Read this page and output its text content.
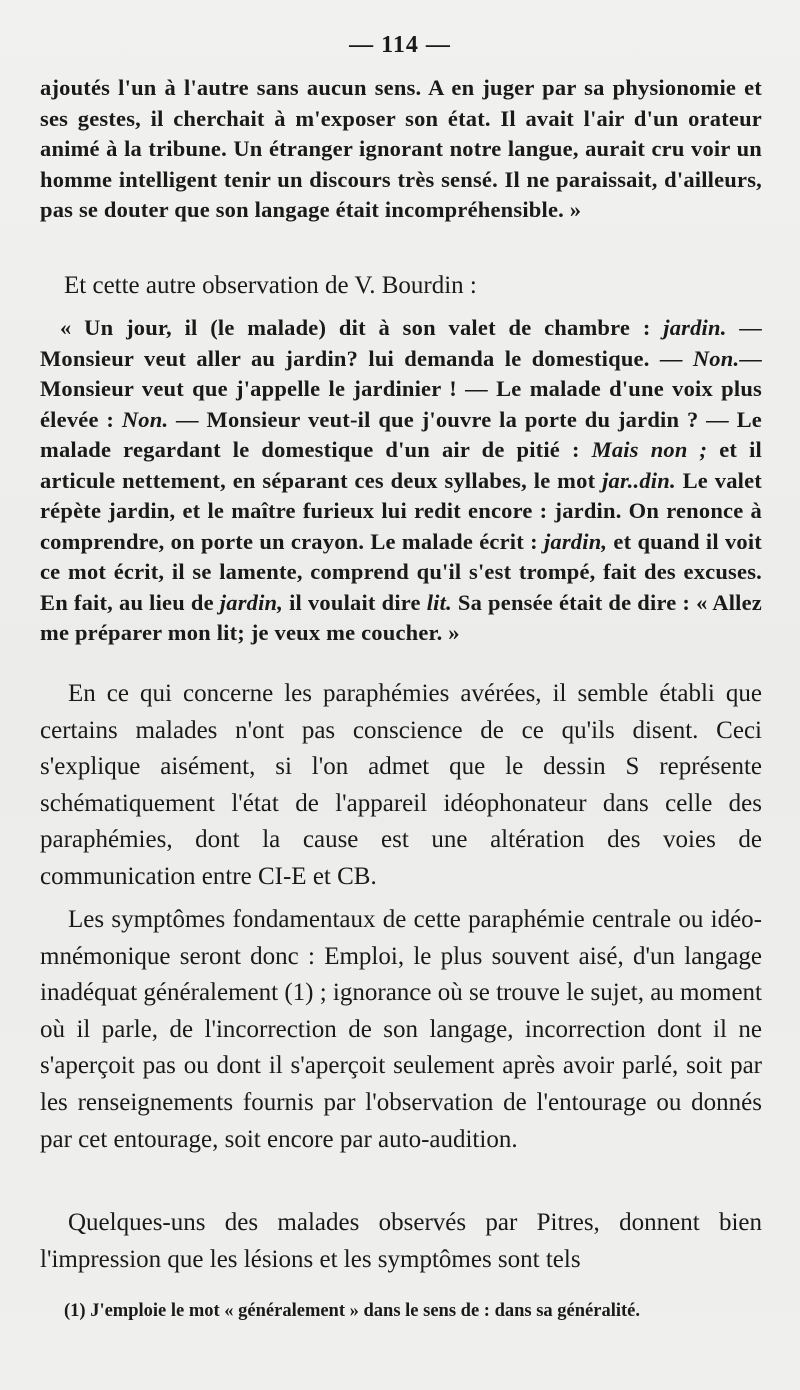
— 114 —

ajoutés l'un à l'autre sans aucun sens. A en juger par sa physionomie et ses gestes, il cherchait à m'exposer son état. Il avait l'air d'un orateur animé à la tribune. Un étranger ignorant notre langue, aurait cru voir un homme intelligent tenir un discours très sensé. Il ne paraissait, d'ailleurs, pas se douter que son langage était incompréhensible. »

Et cette autre observation de V. Bourdin :

« Un jour, il (le malade) dit à son valet de chambre : jardin. — Monsieur veut aller au jardin? lui demanda le domestique. — Non.— Monsieur veut que j'appelle le jardinier ! — Le malade d'une voix plus élevée : Non. — Monsieur veut-il que j'ouvre la porte du jardin ? — Le malade regardant le domestique d'un air de pitié : Mais non ; et il articule nettement, en séparant ces deux syllabes, le mot jar..din. Le valet répète jardin, et le maître furieux lui redit encore : jardin. On renonce à comprendre, on porte un crayon. Le malade écrit : jardin, et quand il voit ce mot écrit, il se lamente, comprend qu'il s'est trompé, fait des excuses. En fait, au lieu de jardin, il voulait dire lit. Sa pensée était de dire : « Allez me préparer mon lit; je veux me coucher. »

En ce qui concerne les paraphémies avérées, il semble établi que certains malades n'ont pas conscience de ce qu'ils disent. Ceci s'explique aisément, si l'on admet que le dessin S représente schématiquement l'état de l'appareil idéophonateur dans celle des paraphémies, dont la cause est une altération des voies de communication entre CI-E et CB.

Les symptômes fondamentaux de cette paraphémie centrale ou idéo-mnémonique seront donc : Emploi, le plus souvent aisé, d'un langage inadéquat généralement (1) ; ignorance où se trouve le sujet, au moment où il parle, de l'incorrection de son langage, incorrection dont il ne s'aperçoit pas ou dont il s'aperçoit seulement après avoir parlé, soit par les renseignements fournis par l'observation de l'entourage ou donnés par cet entourage, soit encore par auto-audition.

Quelques-uns des malades observés par Pitres, donnent bien l'impression que les lésions et les symptômes sont tels

(1) J'emploie le mot « généralement » dans le sens de : dans sa généralité.
